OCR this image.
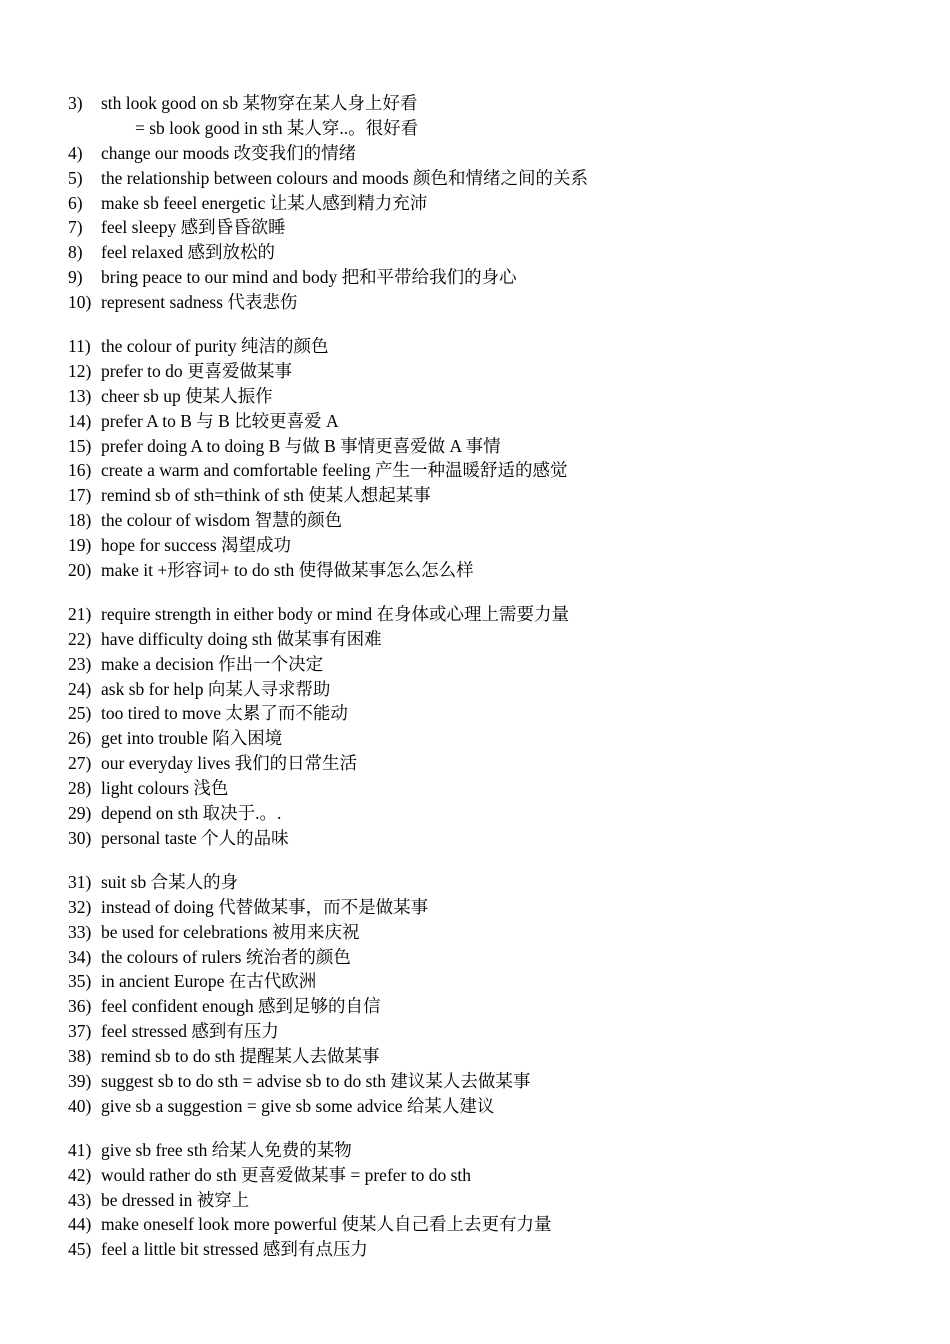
3) sth look good on sb 某物穿在某人身上好看
= sb look good in sth 某人穿..。很好看
4) change our moods 改变我们的情绪
5) the relationship between colours and moods 颜色和情绪之间的关系
6) make sb feeel energetic 让某人感到精力充沛
7) feel sleepy 感到昏昏欲睡
8) feel relaxed 感到放松的
9) bring peace to our mind and body 把和平带给我们的身心
10) represent sadness 代表悲伤
11) the colour of purity 纯洁的颜色
12) prefer to do 更喜爱做某事
13) cheer sb up 使某人振作
14) prefer A to B 与 B 比较更喜爱 A
15) prefer doing A to doing B 与做 B 事情更喜爱做 A 事情
16) create a warm and comfortable feeling 产生一种温暖舒适的感觉
17) remind sb of sth=think of sth 使某人想起某事
18) the colour of wisdom 智慧的颜色
19) hope for success 渴望成功
20) make it +形容词+ to do sth 使得做某事怎么怎么样
21) require strength in either body or mind 在身体或心理上需要力量
22) have difficulty doing sth 做某事有困难
23) make a decision 作出一个决定
24) ask sb for help 向某人寻求帮助
25) too tired to move 太累了而不能动
26) get into trouble 陷入困境
27) our everyday lives 我们的日常生活
28) light colours 浅色
29) depend on sth 取决于.。.
30) personal taste 个人的品味
31) suit sb 合某人的身
32) instead of doing 代替做某事，而不是做某事
33) be used for celebrations 被用来庆祝
34) the colours of rulers 统治者的颜色
35) in ancient Europe 在古代欧洲
36) feel confident enough 感到足够的自信
37) feel stressed 感到有压力
38) remind sb to do sth 提醒某人去做某事
39) suggest sb to do sth = advise sb to do sth 建议某人去做某事
40) give sb a suggestion = give sb some advice 给某人建议
41) give sb free sth 给某人免费的某物
42) would rather do sth 更喜爱做某事 = prefer to do sth
43) be dressed in 被穿上
44) make oneself look more powerful 使某人自己看上去更有力量
45) feel a little bit stressed 感到有点压力
